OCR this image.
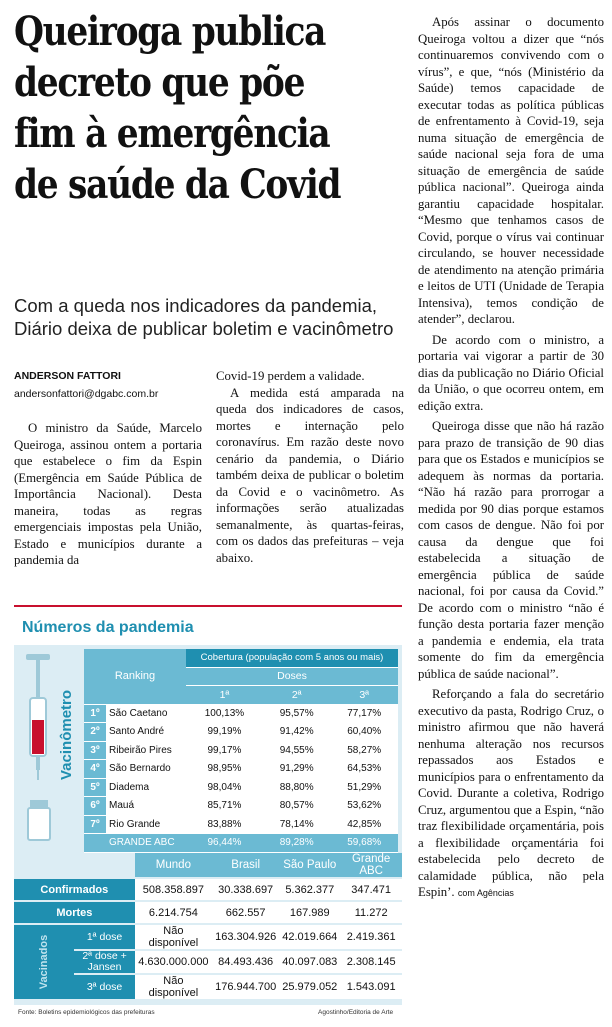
Queiroga publica decreto que põe fim à emergência de saúde da Covid

Com a queda nos indicadores da pandemia, Diário deixa de publicar boletim e vacinômetro

ANDERSON FATTORI
andersonfattori@dgabc.com.br

O ministro da Saúde, Marcelo Queiroga, assinou ontem a portaria que estabelece o fim da Espin (Emergência em Saúde Pública de Importância Nacional). Desta maneira, todas as regras emergenciais impostas pela União, Estado e municípios durante a pandemia da

Covid-19 perdem a validade.

A medida está amparada na queda dos indicadores de casos, mortes e internação pelo coronavírus. Em razão deste novo cenário da pandemia, o Diário também deixa de publicar o boletim da Covid e o vacinômetro. As informações serão atualizadas semanalmente, às quartas-feiras, com os dados das prefeituras – veja abaixo.

Após assinar o documento Queiroga voltou a dizer que “nós continuaremos convivendo com o vírus”, e que, “nós (Ministério da Saúde) temos capacidade de executar todas as política públicas de enfrentamento à Covid-19, seja numa situação de emergência de saúde nacional seja fora de uma situação de emergência de saúde pública nacional”. Queiroga ainda garantiu capacidade hospitalar. “Mesmo que tenhamos casos de Covid, porque o vírus vai continuar circulando, se houver necessidade de atendimento na atenção primária e leitos de UTI (Unidade de Terapia Intensiva), temos condição de atender”, declarou.

De acordo com o ministro, a portaria vai vigorar a partir de 30 dias da publicação no Diário Oficial da União, o que ocorreu ontem, em edição extra.

Queiroga disse que não há razão para prazo de transição de 90 dias para que os Estados e municípios se adequem às normas da portaria. “Não há razão para prorrogar a medida por 90 dias porque estamos com casos de dengue. Não foi por causa da dengue que foi estabelecida a situação de emergência pública de saúde nacional, foi por causa da Covid.” De acordo com o ministro “não é função desta portaria fazer menção a pandemia e endemia, ela trata somente do fim da emergência pública de saúde nacional”.

Reforçando a fala do secretário executivo da pasta, Rodrigo Cruz, o ministro afirmou que não haverá nenhuma alteração nos recursos repassados aos Estados e municípios para o enfrentamento da Covid. Durante a coletiva, Rodrigo Cruz, argumentou que a Espin, “não traz flexibilidade orçamentária, pois a flexibilidade orçamentária foi estabelecida pelo decreto de calamidade pública, não pela Espin’. com Agências

Números da pandemia
Vacinômetro
Ranking		Cobertura (população com 5 anos ou mais)		
		Doses		
		1ª	2ª	3ª
1º	São Caetano	100,13%	95,57%	77,17%
2º	Santo André	99,19%	91,42%	60,40%
3º	Ribeirão Pires	99,17%	94,55%	58,27%
4º	São Bernardo	98,95%	91,29%	64,53%
5º	Diadema	98,04%	88,80%	51,29%
6º	Mauá	85,71%	80,57%	53,62%
7º	Rio Grande	83,88%	78,14%	42,85%
	GRANDE ABC	96,44%	89,28%	59,68%
		Mundo	Brasil	São Paulo	Grande ABC
Confirmados		508.358.897	30.338.697	5.362.377	347.471
Mortes		6.214.754	662.557	167.989	11.272
Vacinados	1ª dose	Não disponível	163.304.926	42.019.664	2.419.361
	2ª dose + Jansen	4.630.000.000	84.493.436	40.097.083	2.308.145
	3ª dose	Não disponível	176.944.700	25.979.052	1.543.091
Fonte: Boletins epidemiológicos das prefeituras	Agostinho/Editoria de Arte
